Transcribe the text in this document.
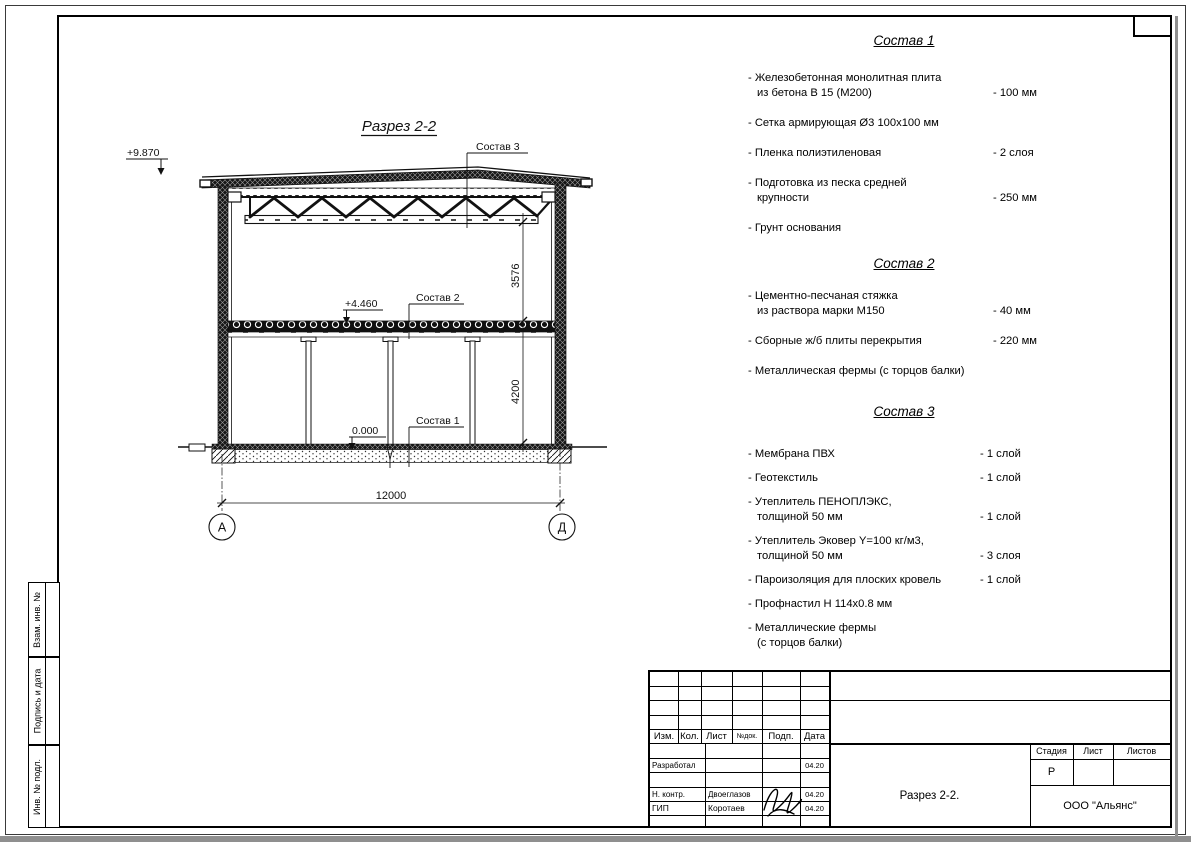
3576
4200
12000
А	Д
Разрез 2-2
+9.870
+4.460
0.000
Состав 3
Состав 2
Состав 1
Состав 1
- Железобетонная монолитная плита
из бетона В 15 (М200)	- 100 мм
- Сетка армирующая Ø3 100х100 мм
- Пленка полиэтиленовая	- 2 слоя
- Подготовка из песка средней
крупности	- 250 мм
- Грунт основания
Состав 2
- Цементно-песчаная стяжка
из раствора марки М150	- 40 мм
- Сборные ж/б плиты перекрытия	- 220 мм
- Металлическая фермы (с торцов балки)
Состав 3
- Мембрана ПВХ	- 1 слой
- Геотекстиль	- 1 слой
- Утеплитель ПЕНОПЛЭКС,
толщиной 50 мм	- 1 слой
- Утеплитель Эковер Y=100 кг/м3,
толщиной 50 мм	- 3 слоя
- Пароизоляция для плоских кровель	- 1 слой
- Профнастил Н 114х0.8 мм
- Металлические фермы
(с торцов балки)
Изм. Кол. Лист	№док.	Подп.	Дата
Разработал	04.20
Н. контр.	Двоеглазов	04.20
ГИП	Коротаев	04.20
Разрез 2-2.
Стадия	Лист	Листов
Р
ООО "Альянс"
Взам. инв. №
Подпись и дата
Инв. № подл.
